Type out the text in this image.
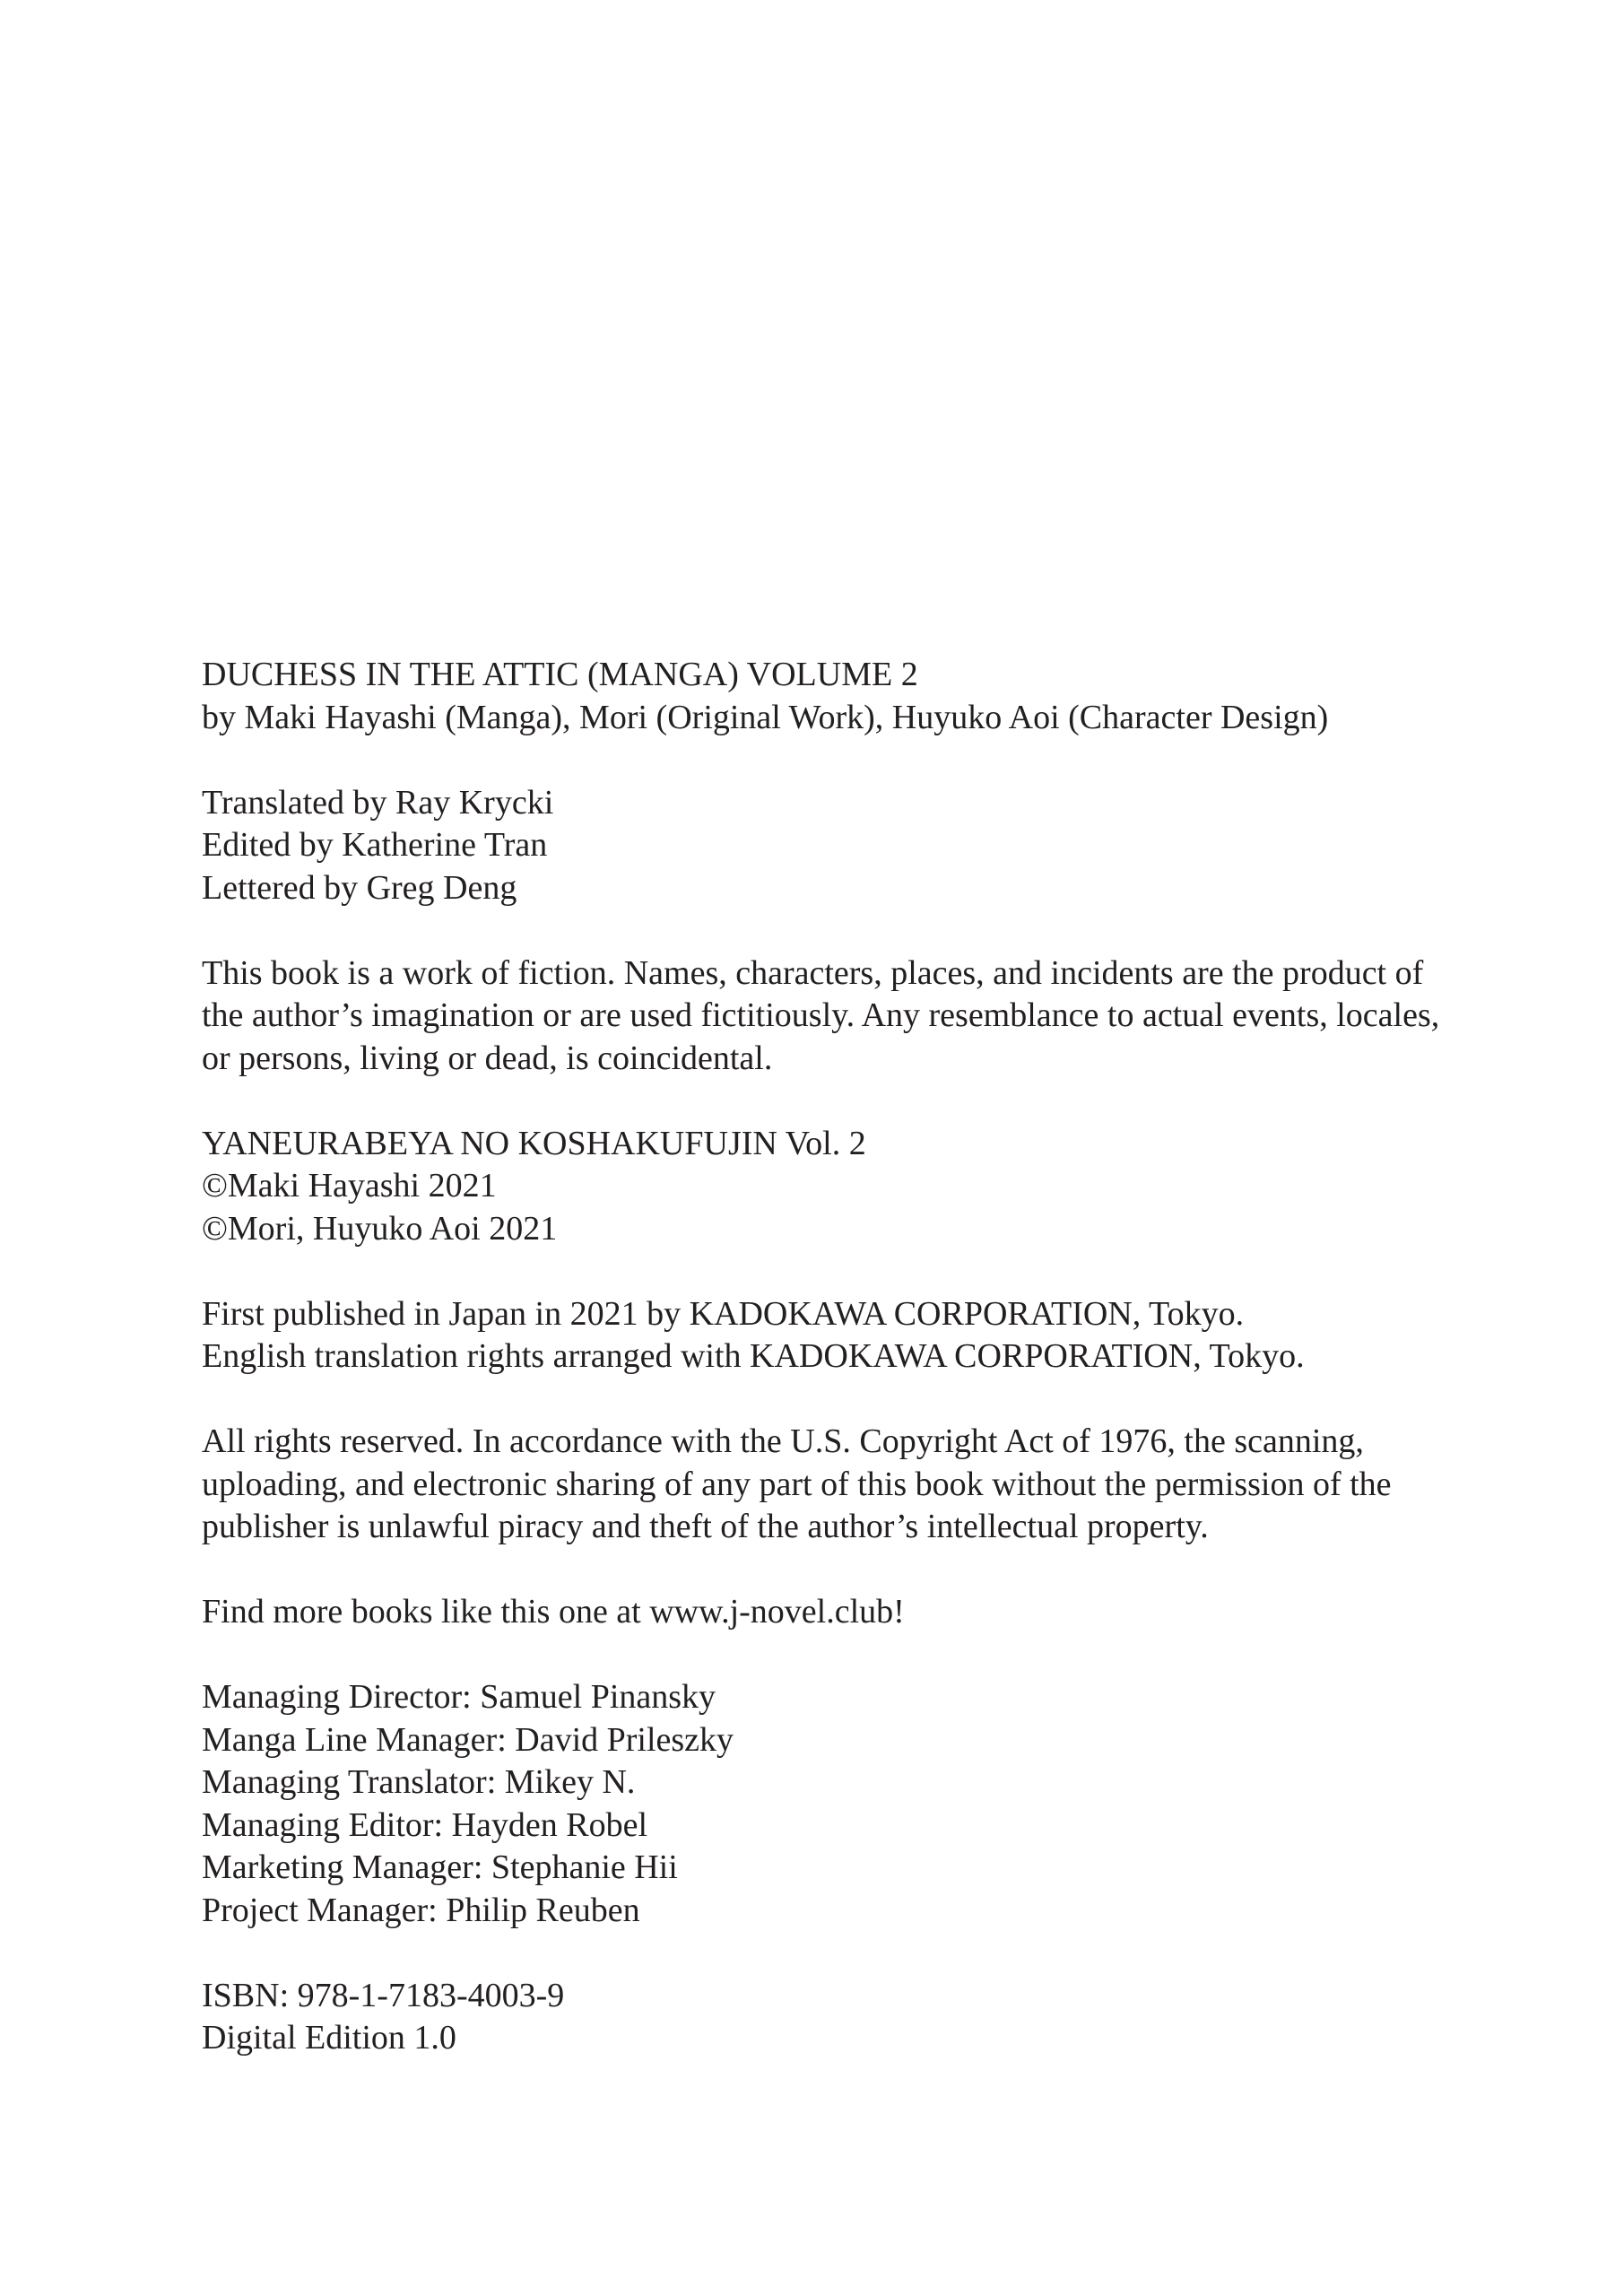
DUCHESS IN THE ATTIC (MANGA) VOLUME 2
by Maki Hayashi (Manga), Mori (Original Work), Huyuko Aoi (Character Design)
Translated by Ray Krycki
Edited by Katherine Tran
Lettered by Greg Deng
This book is a work of fiction. Names, characters, places, and incidents are the product of
the author’s imagination or are used fictitiously. Any resemblance to actual events, locales,
or persons, living or dead, is coincidental.
YANEURABEYA NO KOSHAKUFUJIN Vol. 2
©Maki Hayashi 2021
©Mori, Huyuko Aoi 2021
First published in Japan in 2021 by KADOKAWA CORPORATION, Tokyo.
English translation rights arranged with KADOKAWA CORPORATION, Tokyo.
All rights reserved. In accordance with the U.S. Copyright Act of 1976, the scanning,
uploading, and electronic sharing of any part of this book without the permission of the
publisher is unlawful piracy and theft of the author’s intellectual property.
Find more books like this one at www.j-novel.club!
Managing Director: Samuel Pinansky
Manga Line Manager: David Prileszky
Managing Translator: Mikey N.
Managing Editor: Hayden Robel
Marketing Manager: Stephanie Hii
Project Manager: Philip Reuben
ISBN: 978-1-7183-4003-9
Digital Edition 1.0
